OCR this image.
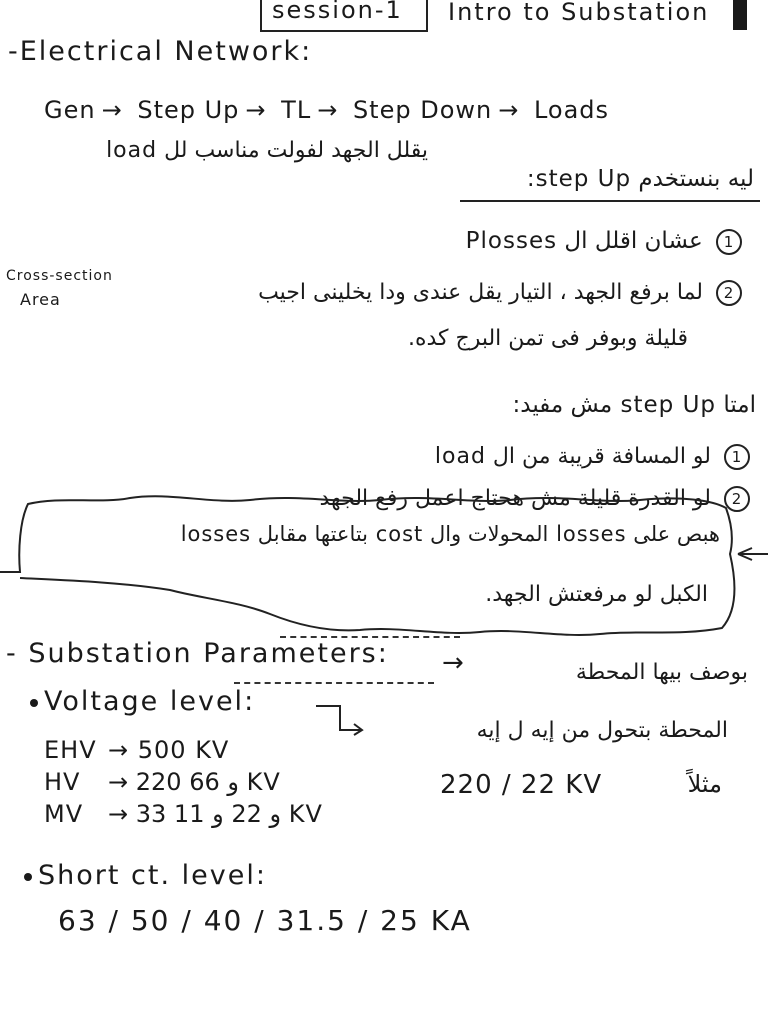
session-1 Intro to Substation
-Electrical Network:
Gen → Step Up → TL → Step Down → Loads
يقلل الجهد لفولت مناسب لل load
ليه بنستخدم step Up:
1 عشان اقلل ال Plosses
Cross-section
Area	2 لما برفع الجهد ، التيار يقل عندى ودا يخلينى اجيب
قليلة وبوفر فى تمن البرج كده.
امتا step Up مش مفيد:
1 لو المسافة قريبة من ال load
2 لو القدرة قليلة مش هحتاج اعمل رفع الجهد
هبص على losses المحولات وال cost بتاعتها مقابل losses
الكبل لو مرفعتش الجهد.
- Substation Parameters: →	بوصف بيها المحطة
Voltage level:
المحطة بتحول من إيه ل إيه
EHV → 500 KV
HV → 220 و 66 KV
MV → 33 و 22 و 11 KV
220 / 22 KV	مثلاً
Short ct. level:
63 / 50 / 40 / 31.5 / 25 KA
